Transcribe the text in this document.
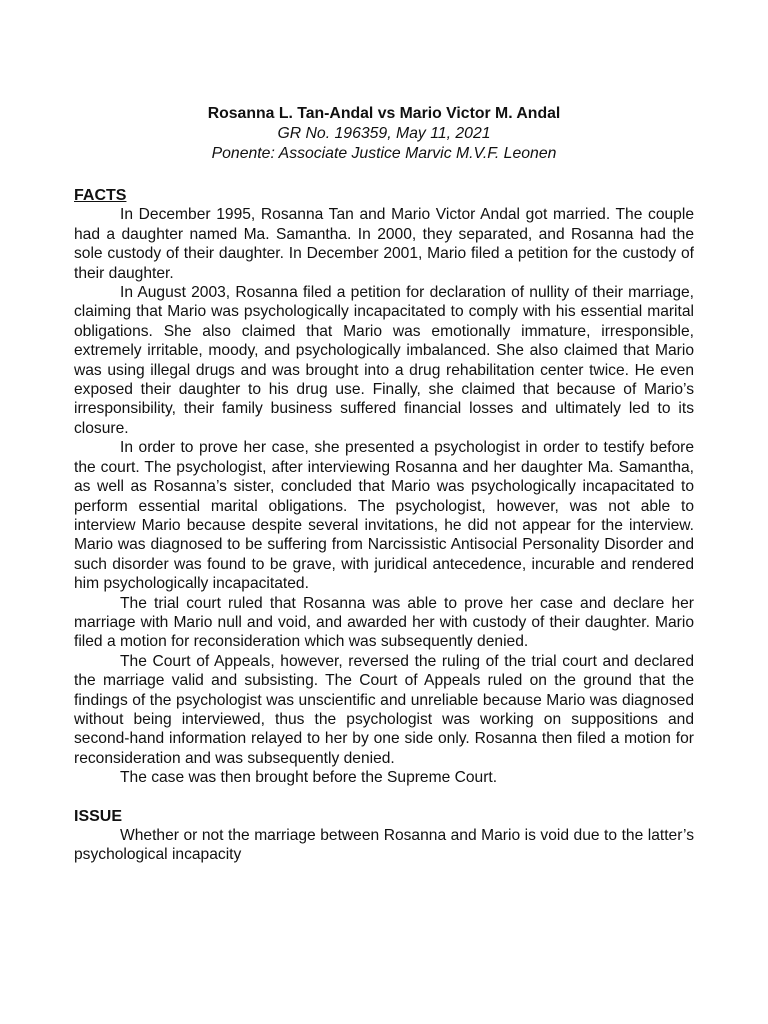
Rosanna L. Tan-Andal vs Mario Victor M. Andal
GR No. 196359, May 11, 2021
Ponente: Associate Justice Marvic M.V.F. Leonen
FACTS

In December 1995, Rosanna Tan and Mario Victor Andal got married. The couple had a daughter named Ma. Samantha. In 2000, they separated, and Rosanna had the sole custody of their daughter. In December 2001, Mario filed a petition for the custody of their daughter.

In August 2003, Rosanna filed a petition for declaration of nullity of their marriage, claiming that Mario was psychologically incapacitated to comply with his essential marital obligations. She also claimed that Mario was emotionally immature, irresponsible, extremely irritable, moody, and psychologically imbalanced. She also claimed that Mario was using illegal drugs and was brought into a drug rehabilitation center twice. He even exposed their daughter to his drug use. Finally, she claimed that because of Mario’s irresponsibility, their family business suffered financial losses and ultimately led to its closure.

In order to prove her case, she presented a psychologist in order to testify before the court. The psychologist, after interviewing Rosanna and her daughter Ma. Samantha, as well as Rosanna’s sister, concluded that Mario was psychologically incapacitated to perform essential marital obligations. The psychologist, however, was not able to interview Mario because despite several invitations, he did not appear for the interview. Mario was diagnosed to be suffering from Narcissistic Antisocial Personality Disorder and such disorder was found to be grave, with juridical antecedence, incurable and rendered him psychologically incapacitated.

The trial court ruled that Rosanna was able to prove her case and declare her marriage with Mario null and void, and awarded her with custody of their daughter. Mario filed a motion for reconsideration which was subsequently denied.

The Court of Appeals, however, reversed the ruling of the trial court and declared the marriage valid and subsisting. The Court of Appeals ruled on the ground that the findings of the psychologist was unscientific and unreliable because Mario was diagnosed without being interviewed, thus the psychologist was working on suppositions and second-hand information relayed to her by one side only. Rosanna then filed a motion for reconsideration and was subsequently denied.

The case was then brought before the Supreme Court.

ISSUE

Whether or not the marriage between Rosanna and Mario is void due to the latter’s psychological incapacity
